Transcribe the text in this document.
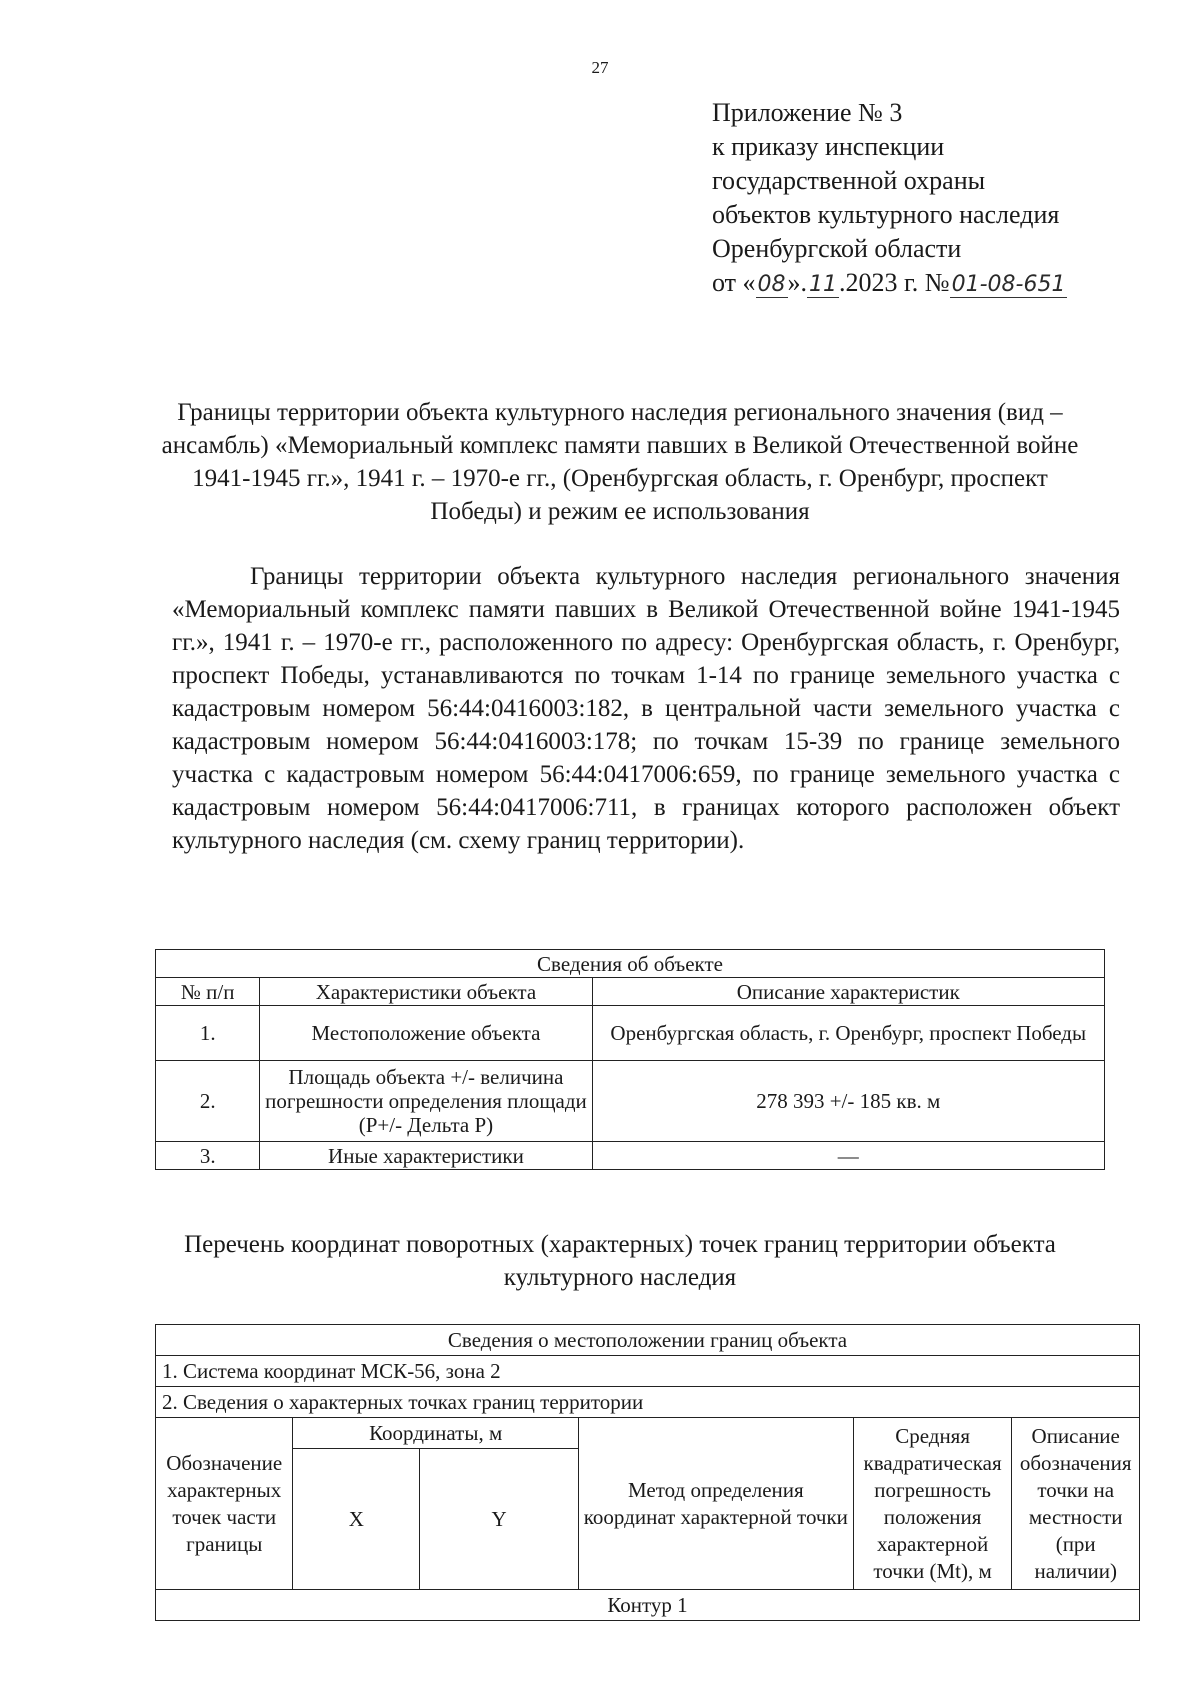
27
Приложение № 3
к приказу инспекции
государственной охраны
объектов культурного наследия
Оренбургской области
от «08».11.2023 г. №01-08-651
Границы территории объекта культурного наследия регионального значения (вид – ансамбль) «Мемориальный комплекс памяти павших в Великой Отечественной войне 1941-1945 гг.», 1941 г. – 1970-е гг., (Оренбургская область, г. Оренбург, проспект Победы) и режим ее использования
Границы территории объекта культурного наследия регионального значения «Мемориальный комплекс памяти павших в Великой Отечественной войне 1941-1945 гг.», 1941 г. – 1970-е гг., расположенного по адресу: Оренбургская область, г. Оренбург, проспект Победы, устанавливаются по точкам 1-14 по границе земельного участка с кадастровым номером 56:44:0416003:182, в центральной части земельного участка с кадастровым номером 56:44:0416003:178; по точкам 15-39 по границе земельного участка с кадастровым номером 56:44:0417006:659, по границе земельного участка с кадастровым номером 56:44:0417006:711, в границах которого расположен объект культурного наследия (см. схему границ территории).
Сведения об объекте		
№ п/п	Характеристики объекта	Описание характеристик
1.	Местоположение объекта	Оренбургская область, г. Оренбург, проспект Победы
2.	Площадь объекта +/- величина погрешности определения площади (P+/- Дельта P)	278 393 +/- 185 кв. м
3.	Иные характеристики	—
Перечень координат поворотных (характерных) точек границ территории объекта культурного наследия
Сведения о местоположении границ объекта					
1. Система координат МСК-56, зона 2					
2. Сведения о характерных точках границ территории					
Обозначение характерных точек части границы	Координаты, м		Метод определения координат характерной точки	Средняя квадратическая погрешность положения характерной точки (Mt), м	Описание обозначения точки на местности (при наличии)
	X	Y			
Контур 1					
